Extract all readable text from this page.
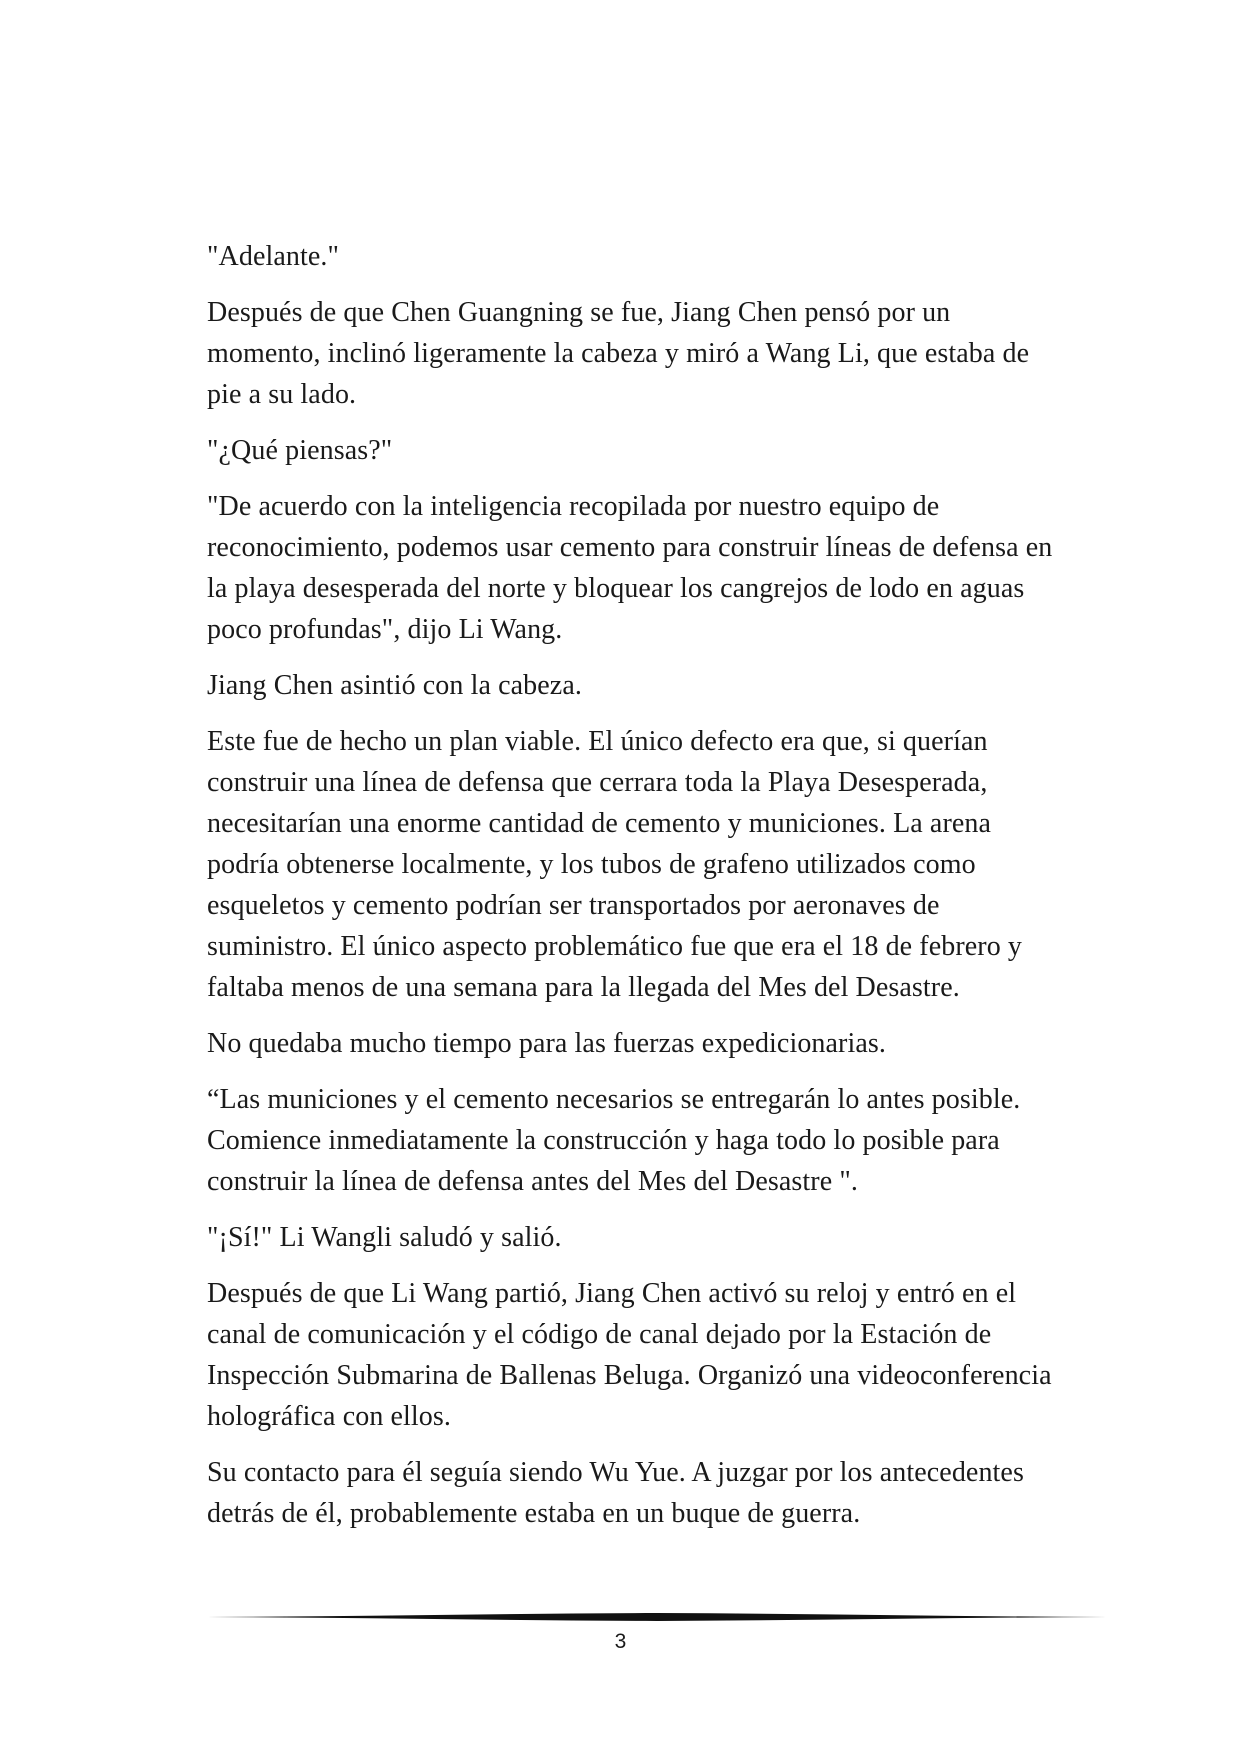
"Adelante."

Después de que Chen Guangning se fue, Jiang Chen pensó por un momento, inclinó ligeramente la cabeza y miró a Wang Li, que estaba de pie a su lado.

"¿Qué piensas?"

"De acuerdo con la inteligencia recopilada por nuestro equipo de reconocimiento, podemos usar cemento para construir líneas de defensa en la playa desesperada del norte y bloquear los cangrejos de lodo en aguas poco profundas", dijo Li Wang.

Jiang Chen asintió con la cabeza.

Este fue de hecho un plan viable. El único defecto era que, si querían construir una línea de defensa que cerrara toda la Playa Desesperada, necesitarían una enorme cantidad de cemento y municiones. La arena podría obtenerse localmente, y los tubos de grafeno utilizados como esqueletos y cemento podrían ser transportados por aeronaves de suministro. El único aspecto problemático fue que era el 18 de febrero y faltaba menos de una semana para la llegada del Mes del Desastre.

No quedaba mucho tiempo para las fuerzas expedicionarias.

“Las municiones y el cemento necesarios se entregarán lo antes posible. Comience inmediatamente la construcción y haga todo lo posible para construir la línea de defensa antes del Mes del Desastre ".

"¡Sí!" Li Wangli saludó y salió.

Después de que Li Wang partió, Jiang Chen activó su reloj y entró en el canal de comunicación y el código de canal dejado por la Estación de Inspección Submarina de Ballenas Beluga. Organizó una videoconferencia holográfica con ellos.

Su contacto para él seguía siendo Wu Yue. A juzgar por los antecedentes detrás de él, probablemente estaba en un buque de guerra.

3
